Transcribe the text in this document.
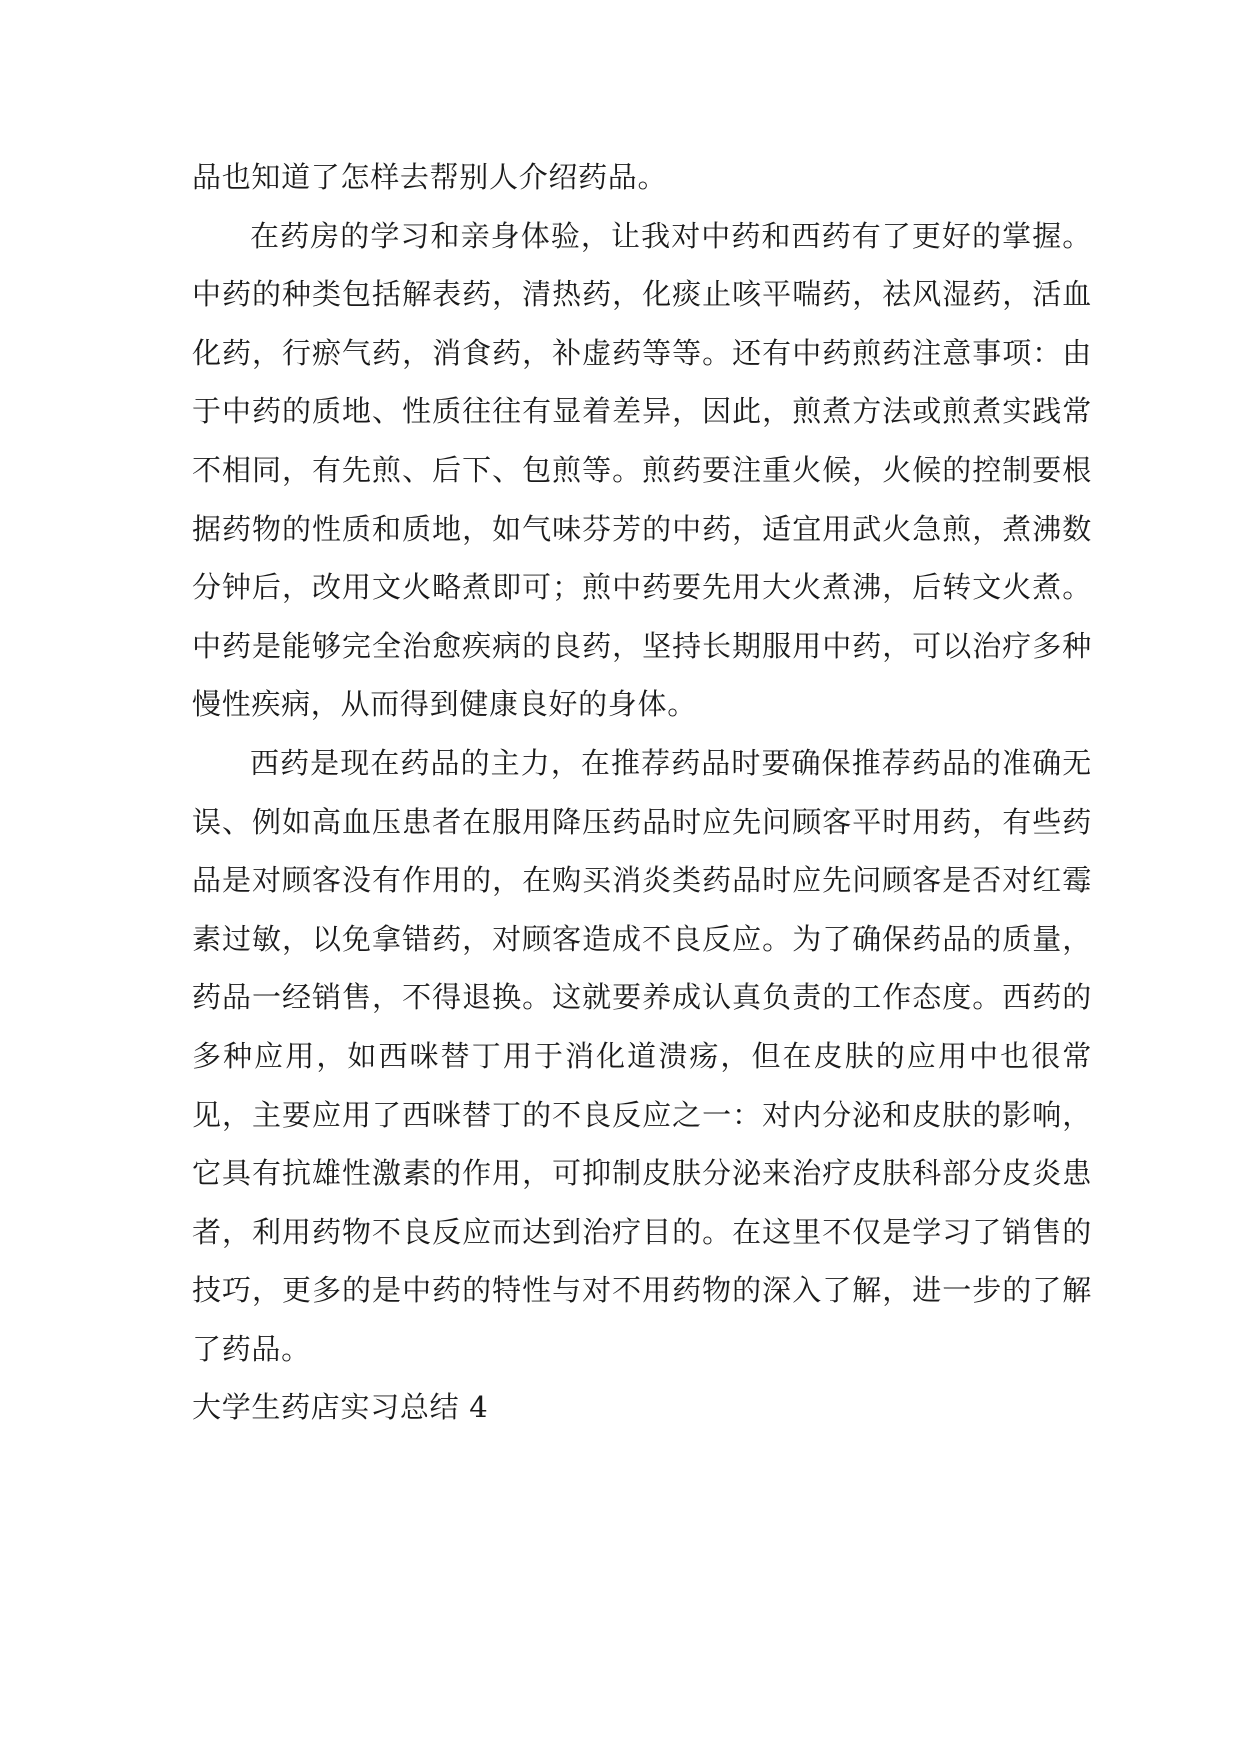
品也知道了怎样去帮别人介绍药品。

在药房的学习和亲身体验，让我对中药和西药有了更好的掌握。中药的种类包括解表药，清热药，化痰止咳平喘药，祛风湿药，活血化药，行瘀气药，消食药，补虚药等等。还有中药煎药注意事项：由于中药的质地、性质往往有显着差异，因此，煎煮方法或煎煮实践常不相同，有先煎、后下、包煎等。煎药要注重火候，火候的控制要根据药物的性质和质地，如气味芬芳的中药，适宜用武火急煎，煮沸数分钟后，改用文火略煮即可；煎中药要先用大火煮沸，后转文火煮。中药是能够完全治愈疾病的良药，坚持长期服用中药，可以治疗多种慢性疾病，从而得到健康良好的身体。

西药是现在药品的主力，在推荐药品时要确保推荐药品的准确无误、例如高血压患者在服用降压药品时应先问顾客平时用药，有些药品是对顾客没有作用的，在购买消炎类药品时应先问顾客是否对红霉素过敏，以免拿错药，对顾客造成不良反应。为了确保药品的质量，药品一经销售，不得退换。这就要养成认真负责的工作态度。西药的多种应用，如西咪替丁用于消化道溃疡，但在皮肤的应用中也很常见，主要应用了西咪替丁的不良反应之一：对内分泌和皮肤的影响，它具有抗雄性激素的作用，可抑制皮肤分泌来治疗皮肤科部分皮炎患者，利用药物不良反应而达到治疗目的。在这里不仅是学习了销售的技巧，更多的是中药的特性与对不用药物的深入了解，进一步的了解了药品。

大学生药店实习总结 4
